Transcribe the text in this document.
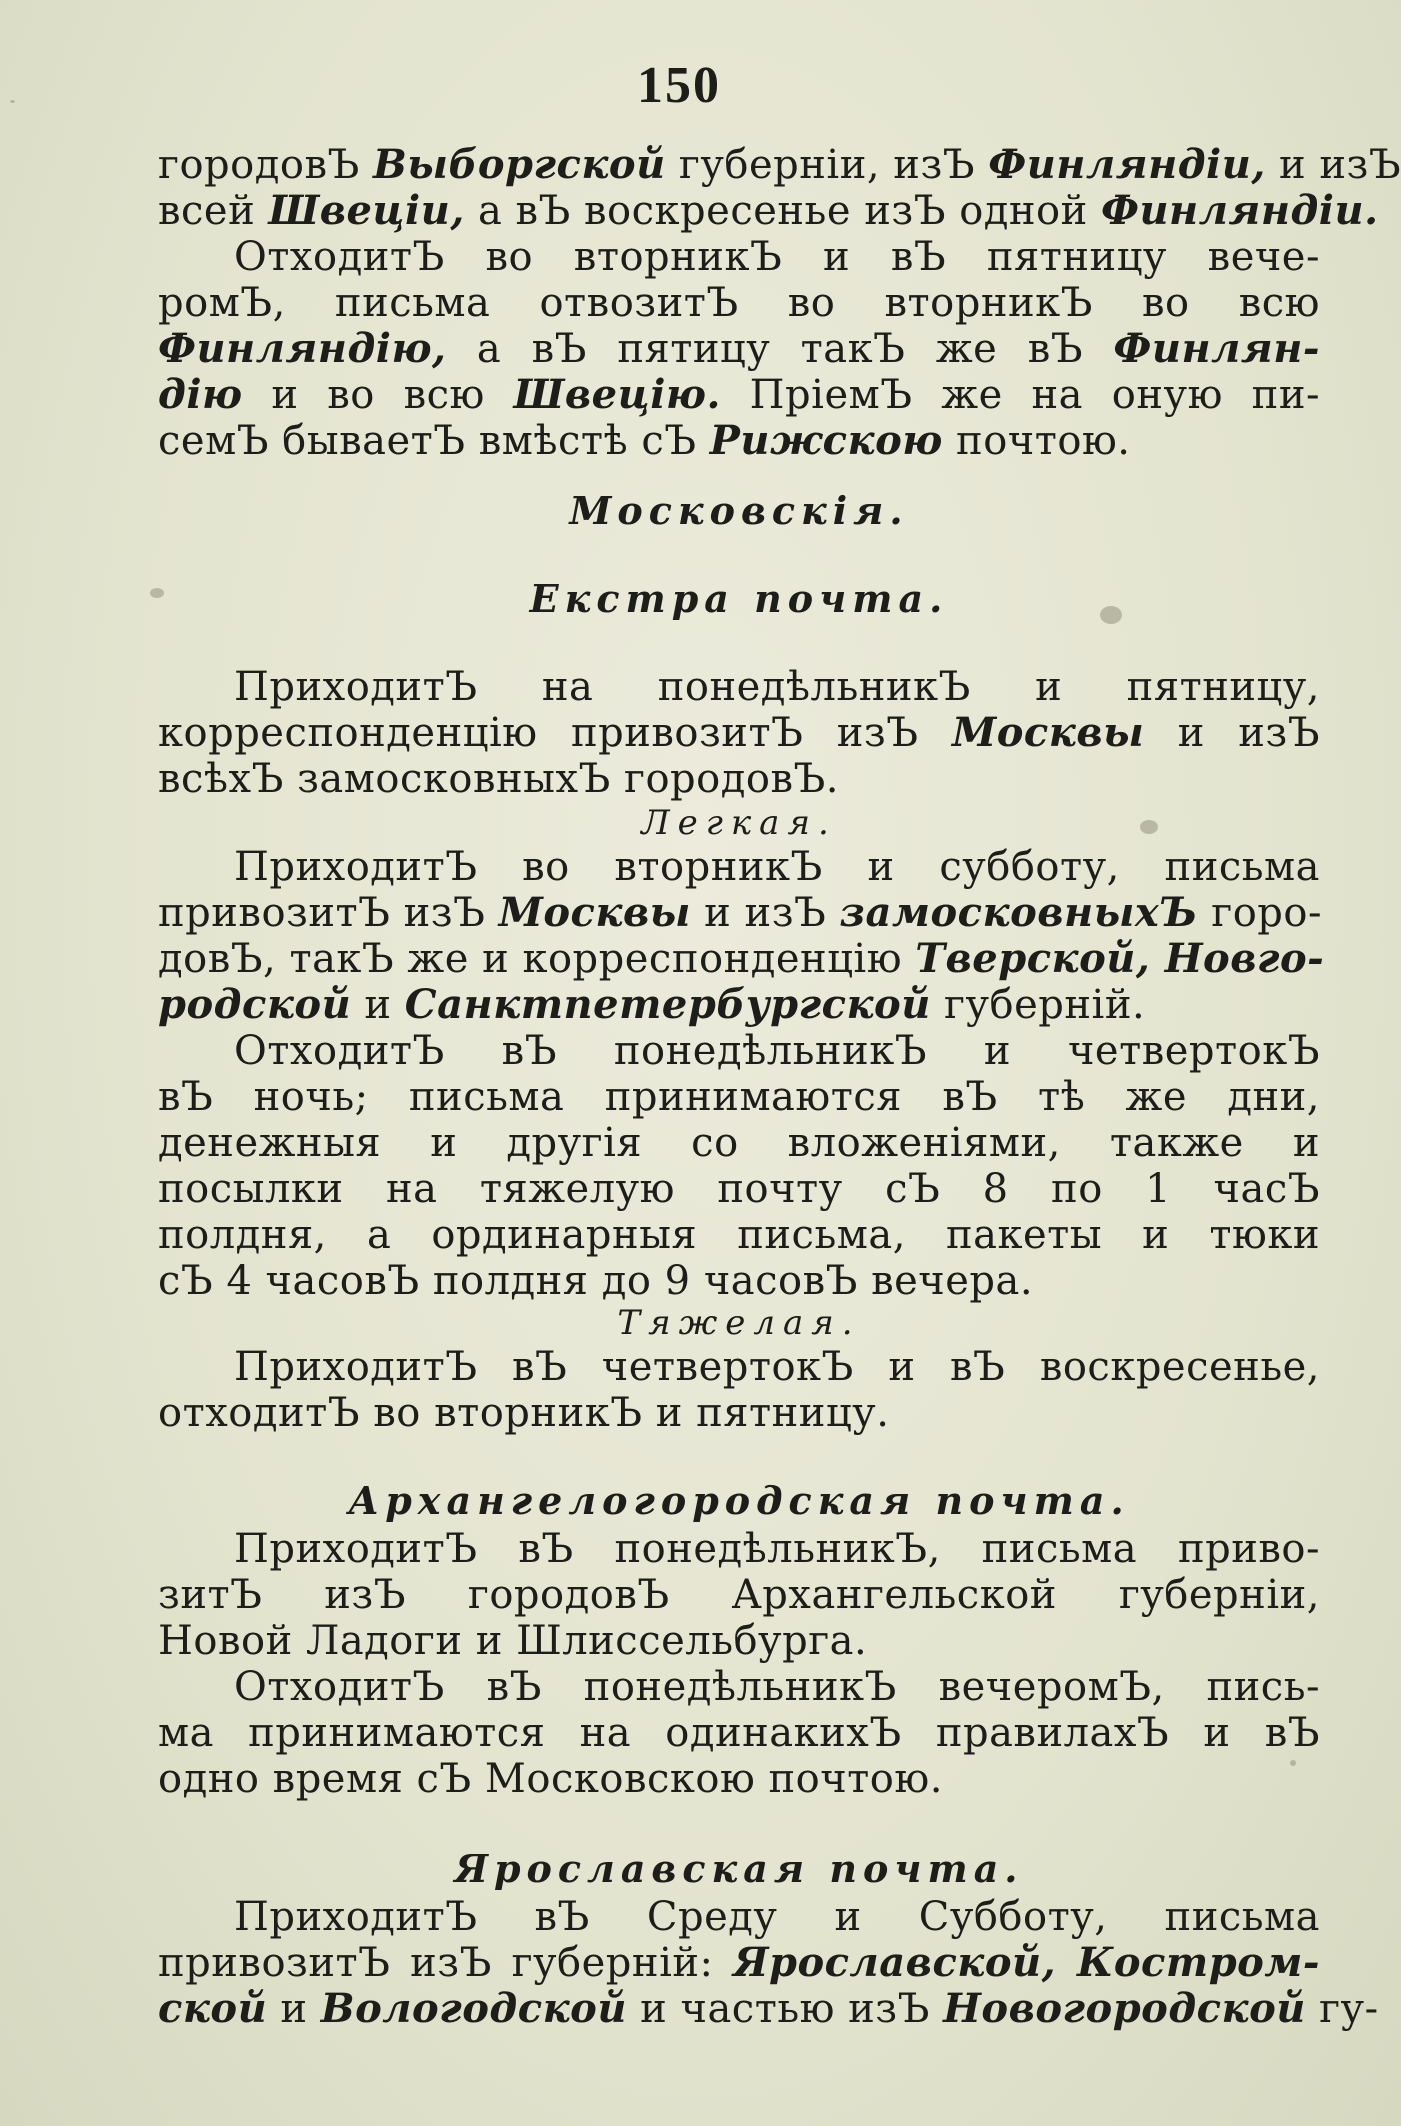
150
городовЪ Выборгской губерніи, изЪ Финляндіи, и изЪ
всей Швеціи, а вЪ воскресенье изЪ одной Финляндіи.
ОтходитЪ во вторникЪ и вЪ пятницу вече-
ромЪ, письма отвозитЪ во вторникЪ во всю
Финляндію, а вЪ пятицу такЪ же вЪ Финлян-
дію и во всю Швецію. ПріемЪ же на оную пи-
семЪ бываетЪ вмѣстѣ сЪ Рижскою почтою.
Московскія.
Екстра почта.
ПриходитЪ на понедѣльникЪ и пятницу,
корреспонденцію привозитЪ изЪ Москвы и изЪ
всѣхЪ замосковныхЪ городовЪ.
Легкая.
ПриходитЪ во вторникЪ и субботу, письма
привозитЪ изЪ Москвы и изЪ замосковныхЪ горо-
довЪ, такЪ же и корреспонденцію Тверской, Новго-
родской и Санктпетербургской губерній.
ОтходитЪ вЪ понедѣльникЪ и четвертокЪ
вЪ ночь; письма принимаются вЪ тѣ же дни,
денежныя и другія со вложеніями, также и
посылки на тяжелую почту сЪ 8 по 1 часЪ
полдня, а ординарныя письма, пакеты и тюки
сЪ 4 часовЪ полдня до 9 часовЪ вечера.
Тяжелая.
ПриходитЪ вЪ четвертокЪ и вЪ воскресенье,
отходитЪ во вторникЪ и пятницу.
Архангелогородская почта.
ПриходитЪ вЪ понедѣльникЪ, письма приво-
зитЪ изЪ городовЪ Архангельской губерніи,
Новой Ладоги и Шлиссельбурга.
ОтходитЪ вЪ понедѣльникЪ вечеромЪ, пись-
ма принимаются на одинакихЪ правилахЪ и вЪ
одно время сЪ Московскою почтою.
Ярославская почта.
ПриходитЪ вЪ Среду и Субботу, письма
привозитЪ изЪ губерній: Ярославской, Костром-
ской и Вологодской и частью изЪ Новогородской гу-
